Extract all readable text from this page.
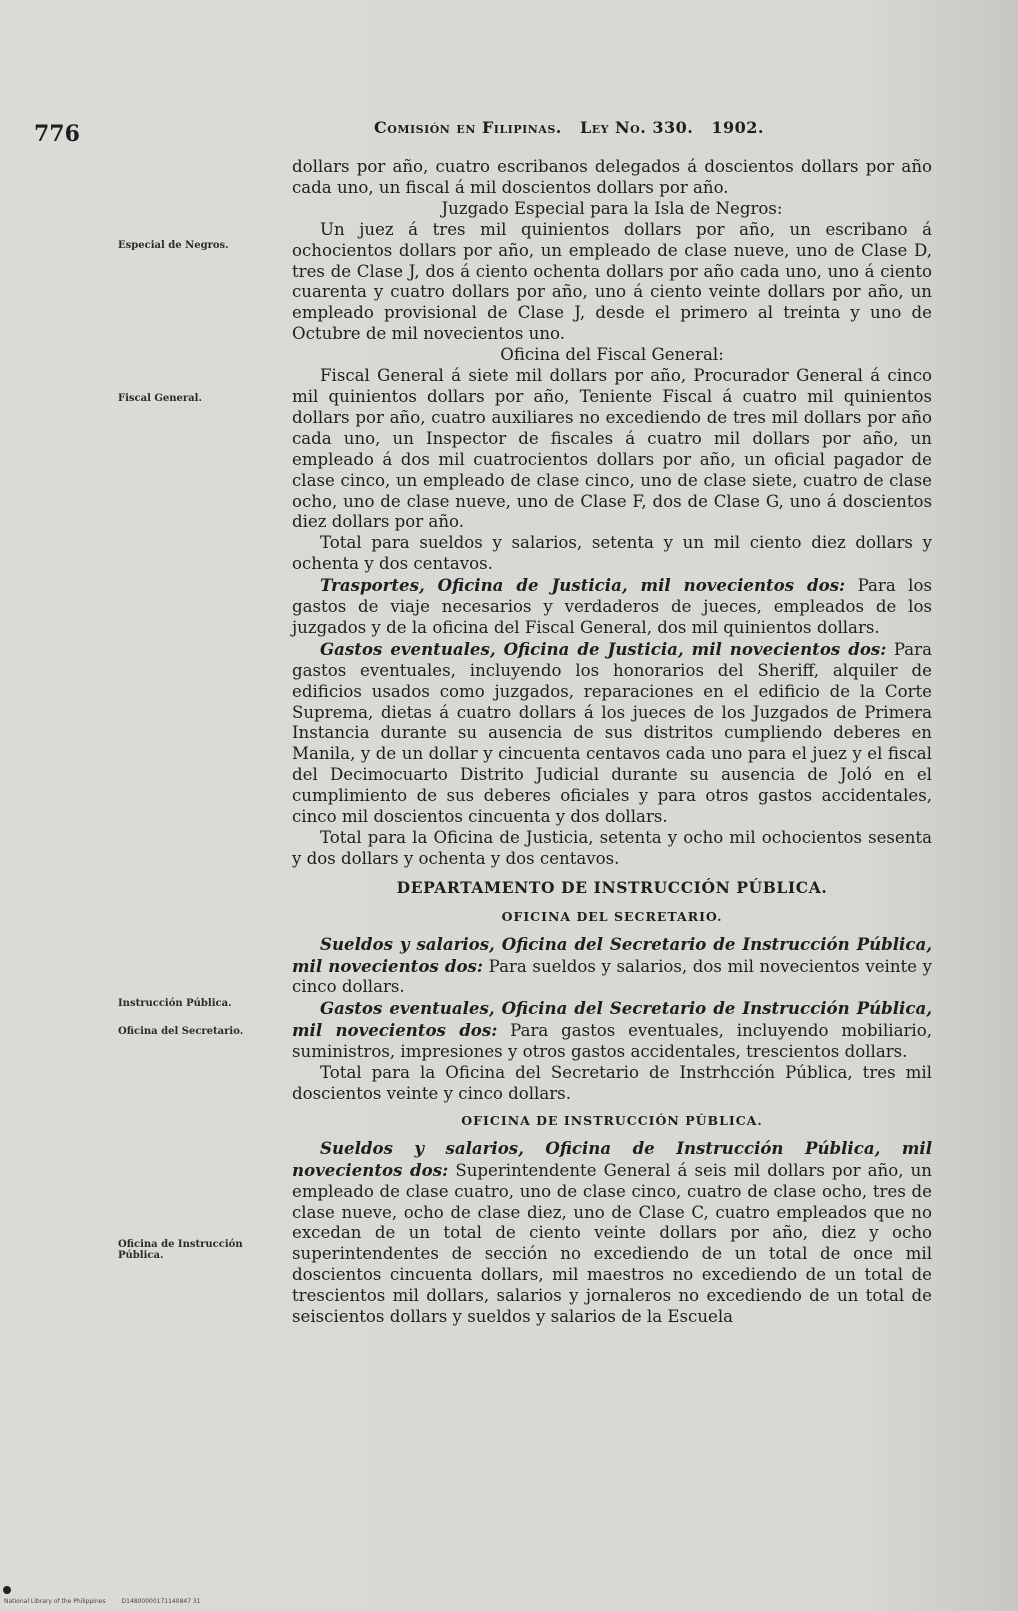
776	Comisión en Filipinas. Ley No. 330. 1902.
Especial de Negros.
Fiscal General.
Instrucción Pública.
Oficina del Secretario.
Oficina de Instrucción Pública.

dollars por año, cuatro escribanos delegados á doscientos dollars por año cada uno, un fiscal á mil doscientos dollars por año.

Juzgado Especial para la Isla de Negros:

Un juez á tres mil quinientos dollars por año, un escribano á ochocientos dollars por año, un empleado de clase nueve, uno de Clase D, tres de Clase J, dos á ciento ochenta dollars por año cada uno, uno á ciento cuarenta y cuatro dollars por año, uno á ciento veinte dollars por año, un empleado provisional de Clase J, desde el primero al treinta y uno de Octubre de mil novecientos uno.

Oficina del Fiscal General:

Fiscal General á siete mil dollars por año, Procurador General á cinco mil quinientos dollars por año, Teniente Fiscal á cuatro mil quinientos dollars por año, cuatro auxiliares no excediendo de tres mil dollars por año cada uno, un Inspector de fiscales á cuatro mil dollars por año, un empleado á dos mil cuatrocientos dollars por año, un oficial pagador de clase cinco, un empleado de clase cinco, uno de clase siete, cuatro de clase ocho, uno de clase nueve, uno de Clase F, dos de Clase G, uno á doscientos diez dollars por año.

Total para sueldos y salarios, setenta y un mil ciento diez dollars y ochenta y dos centavos.

Trasportes, Oficina de Justicia, mil novecientos dos: Para los gastos de viaje necesarios y verdaderos de jueces, empleados de los juzgados y de la oficina del Fiscal General, dos mil quinientos dollars.

Gastos eventuales, Oficina de Justicia, mil novecientos dos: Para gastos eventuales, incluyendo los honorarios del Sheriff, alquiler de edificios usados como juzgados, reparaciones en el edificio de la Corte Suprema, dietas á cuatro dollars á los jueces de los Juzgados de Primera Instancia durante su ausencia de sus distritos cumpliendo deberes en Manila, y de un dollar y cincuenta centavos cada uno para el juez y el fiscal del Decimocuarto Distrito Judicial durante su ausencia de Joló en el cumplimiento de sus deberes oficiales y para otros gastos accidentales, cinco mil doscientos cincuenta y dos dollars.

Total para la Oficina de Justicia, setenta y ocho mil ochocientos sesenta y dos dollars y ochenta y dos centavos.

DEPARTAMENTO DE INSTRUCCIÓN PÚBLICA.
OFICINA DEL SECRETARIO.

Sueldos y salarios, Oficina del Secretario de Instrucción Pública, mil novecientos dos: Para sueldos y salarios, dos mil novecientos veinte y cinco dollars.

Gastos eventuales, Oficina del Secretario de Instrucción Pública, mil novecientos dos: Para gastos eventuales, incluyendo mobiliario, suministros, impresiones y otros gastos accidentales, trescientos dollars.

Total para la Oficina del Secretario de Instrhcción Pública, tres mil doscientos veinte y cinco dollars.

OFICINA DE INSTRUCCIÓN PÚBLICA.

Sueldos y salarios, Oficina de Instrucción Pública, mil novecientos dos: Superintendente General á seis mil dollars por año, un empleado de clase cuatro, uno de clase cinco, cuatro de clase ocho, tres de clase nueve, ocho de clase diez, uno de Clase C, cuatro empleados que no excedan de un total de ciento veinte dollars por año, diez y ocho superintendentes de sección no excediendo de un total de once mil doscientos cincuenta dollars, mil maestros no excediendo de un total de trescientos mil dollars, salarios y jornaleros no excediendo de un total de seiscientos dollars y sueldos y salarios de la Escuela

National Library of the Philippines	D14800000171140847 31
